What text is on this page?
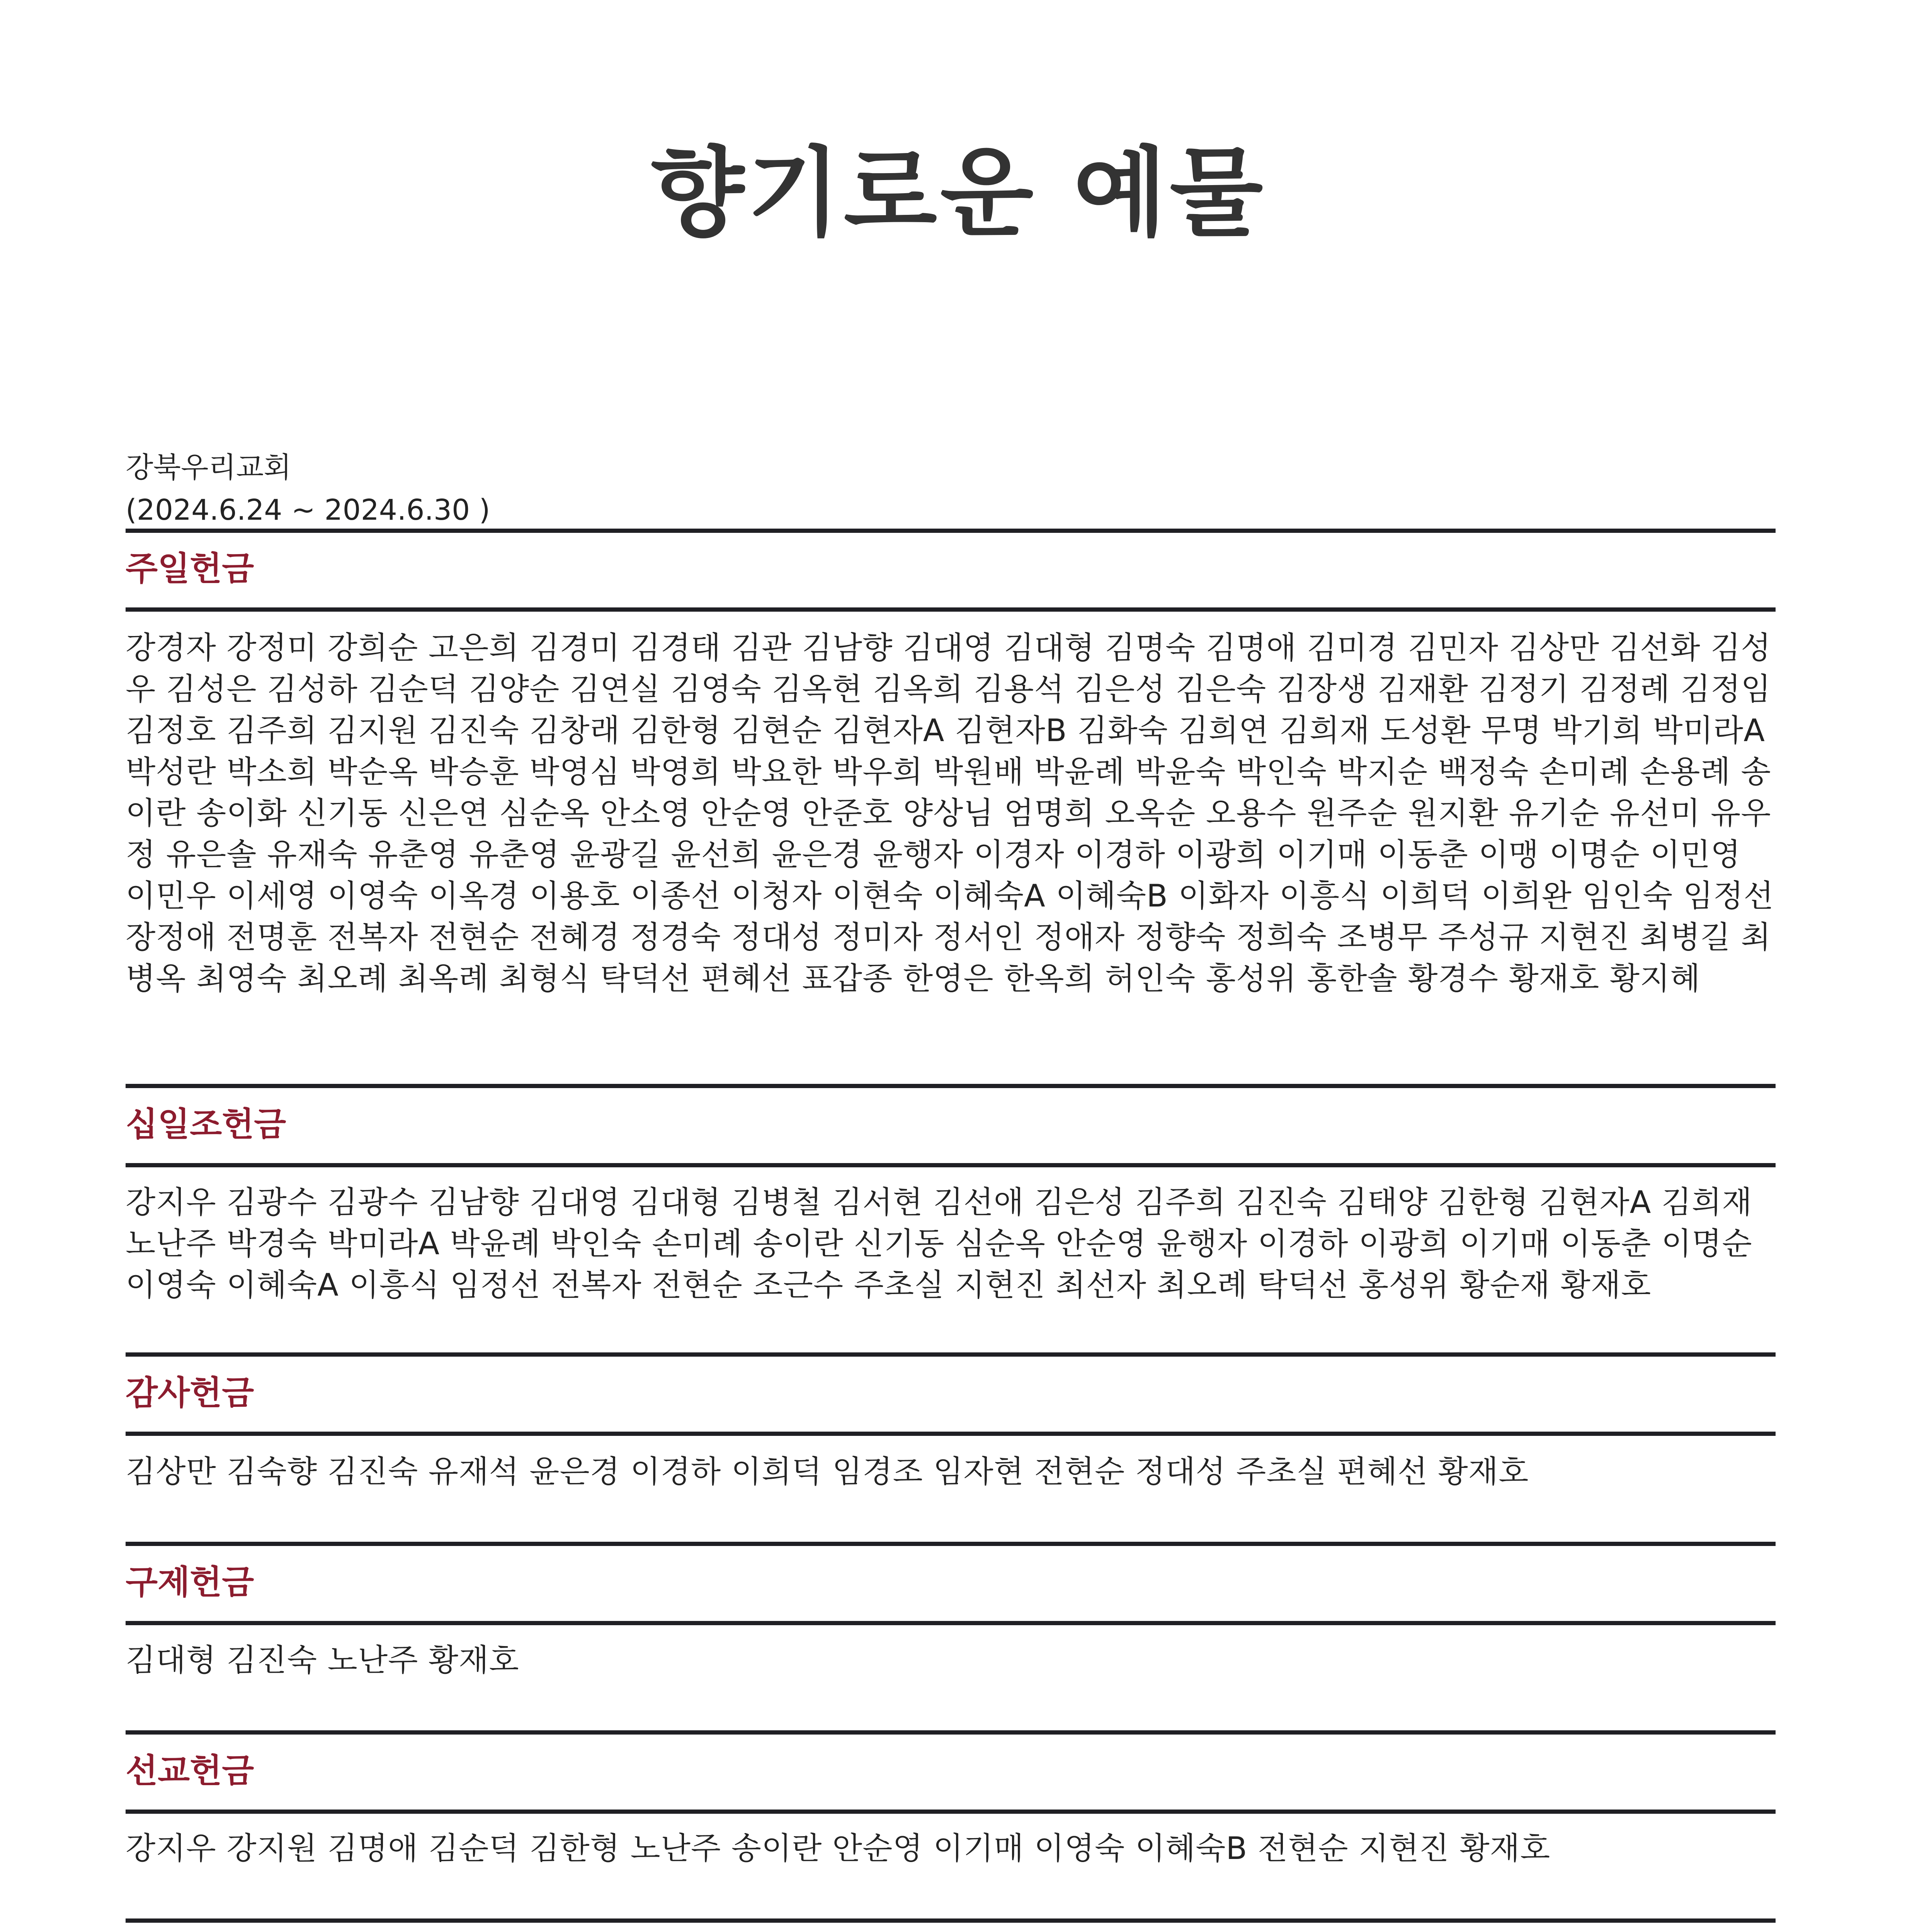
향기로운 예물
강북우리교회
(2024.6.24 ~ 2024.6.30 )
주일헌금

강경자 강정미 강희순 고은희 김경미 김경태 김관 김남향 김대영 김대형 김명숙 김명애 김미경 김민자 김상만 김선화 김성우 김성은 김성하 김순덕 김양순 김연실 김영숙 김옥현 김옥희 김용석 김은성 김은숙 김장생 김재환 김정기 김정례 김정임 김정호 김주희 김지원 김진숙 김창래 김한형 김현순 김현자A 김현자B 김화숙 김희연 김희재 도성환 무명 박기희 박미라A 박성란 박소희 박순옥 박승훈 박영심 박영희 박요한 박우희 박원배 박윤례 박윤숙 박인숙 박지순 백정숙 손미례 손용례 송이란 송이화 신기동 신은연 심순옥 안소영 안순영 안준호 양상님 엄명희 오옥순 오용수 원주순 원지환 유기순 유선미 유우정 유은솔 유재숙 유춘영 유춘영 윤광길 윤선희 윤은경 윤행자 이경자 이경하 이광희 이기매 이동춘 이맹 이명순 이민영 이민우 이세영 이영숙 이옥경 이용호 이종선 이청자 이현숙 이혜숙A 이혜숙B 이화자 이흥식 이희덕 이희완 임인숙 임정선 장정애 전명훈 전복자 전현순 전혜경 정경숙 정대성 정미자 정서인 정애자 정향숙 정희숙 조병무 주성규 지현진 최병길 최병옥 최영숙 최오례 최옥례 최형식 탁덕선 편혜선 표갑종 한영은 한옥희 허인숙 홍성위 홍한솔 황경수 황재호 황지혜

십일조헌금

강지우 김광수 김광수 김남향 김대영 김대형 김병철 김서현 김선애 김은성 김주희 김진숙 김태양 김한형 김현자A 김희재 노난주 박경숙 박미라A 박윤례 박인숙 손미례 송이란 신기동 심순옥 안순영 윤행자 이경하 이광희 이기매 이동춘 이명순 이영숙 이혜숙A 이흥식 임정선 전복자 전현순 조근수 주초실 지현진 최선자 최오례 탁덕선 홍성위 황순재 황재호

감사헌금

김상만 김숙향 김진숙 유재석 윤은경 이경하 이희덕 임경조 임자현 전현순 정대성 주초실 편혜선 황재호

구제헌금

김대형 김진숙 노난주 황재호

선교헌금

강지우 강지원 김명애 김순덕 김한형 노난주 송이란 안순영 이기매 이영숙 이혜숙B 전현순 지현진 황재호
